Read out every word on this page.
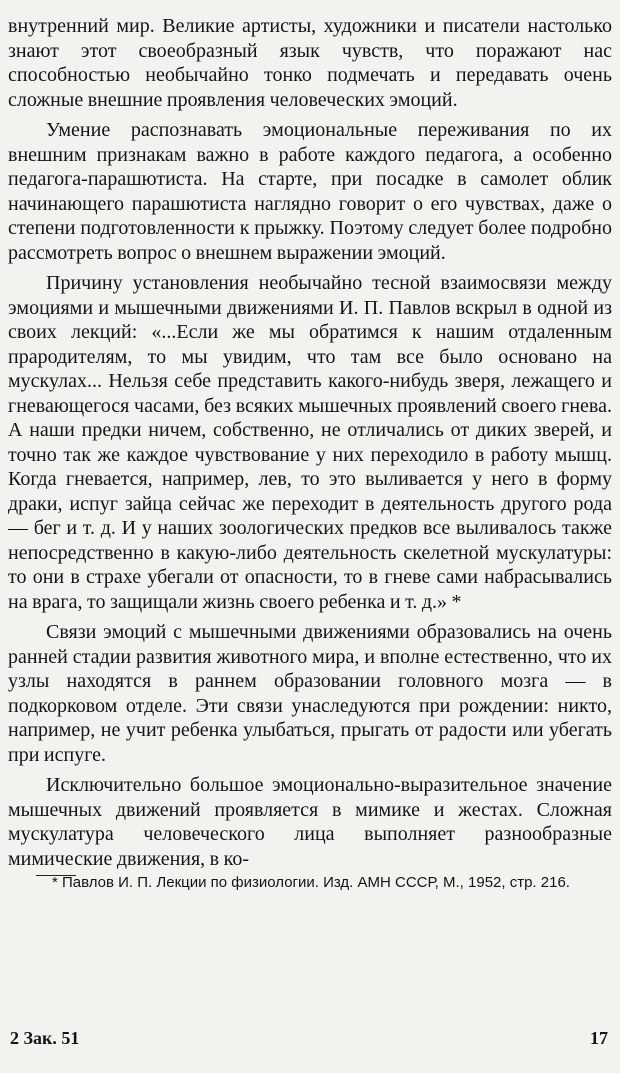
внутренний мир. Великие артисты, художники и писатели настолько знают этот своеобразный язык чувств, что поражают нас способностью необычайно тонко подмечать и передавать очень сложные внешние проявления человеческих эмоций.

Умение распознавать эмоциональные переживания по их внешним признакам важно в работе каждого педагога, а особенно педагога-парашютиста. На старте, при посадке в самолет облик начинающего парашютиста наглядно говорит о его чувствах, даже о степени подготовленности к прыжку. Поэтому следует более подробно рассмотреть вопрос о внешнем выражении эмоций.

Причину установления необычайно тесной взаимосвязи между эмоциями и мышечными движениями И. П. Павлов вскрыл в одной из своих лекций: «...Если же мы обратимся к нашим отдаленным прародителям, то мы увидим, что там все было основано на мускулах... Нельзя себе представить какого-нибудь зверя, лежащего и гневающегося часами, без всяких мышечных проявлений своего гнева. А наши предки ничем, собственно, не отличались от диких зверей, и точно так же каждое чувствование у них переходило в работу мышц. Когда гневается, например, лев, то это выливается у него в форму драки, испуг зайца сейчас же переходит в деятельность другого рода — бег и т. д. И у наших зоологических предков все выливалось также непосредственно в какую-либо деятельность скелетной мускулатуры: то они в страхе убегали от опасности, то в гневе сами набрасывались на врага, то защищали жизнь своего ребенка и т. д.» *

Связи эмоций с мышечными движениями образовались на очень ранней стадии развития животного мира, и вполне естественно, что их узлы находятся в раннем образовании головного мозга — в подкорковом отделе. Эти связи унаследуются при рождении: никто, например, не учит ребенка улыбаться, прыгать от радости или убегать при испуге.

Исключительно большое эмоционально-выразительное значение мышечных движений проявляется в мимике и жестах. Сложная мускулатура человеческого лица выполняет разнообразные мимические движения, в ко-

* Павлов И. П. Лекции по физиологии. Изд. АМН СССР, М., 1952, стр. 216.

2 Зак. 51	17
